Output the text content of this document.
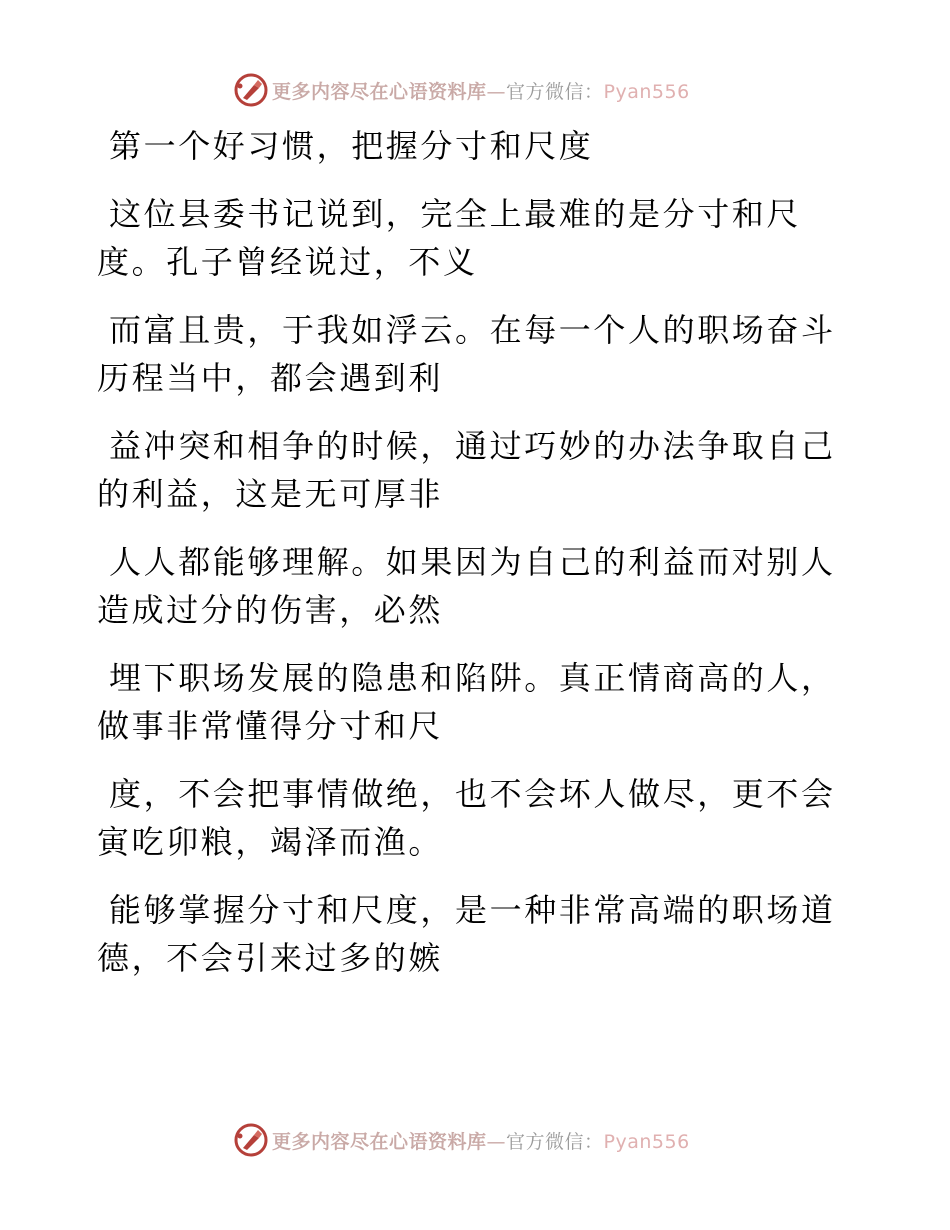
更多内容尽在心语资料库—官方微信：Pyan556

第一个好习惯，把握分寸和尺度

这位县委书记说到，完全上最难的是分寸和尺

度。孔子曾经说过，不义

而富且贵，于我如浮云。在每一个人的职场奋斗

历程当中，都会遇到利

益冲突和相争的时候，通过巧妙的办法争取自己

的利益，这是无可厚非

人人都能够理解。如果因为自己的利益而对别人

造成过分的伤害，必然

埋下职场发展的隐患和陷阱。真正情商高的人，

做事非常懂得分寸和尺

度，不会把事情做绝，也不会坏人做尽，更不会

寅吃卯粮，竭泽而渔。

能够掌握分寸和尺度，是一种非常高端的职场道

德，不会引来过多的嫉

更多内容尽在心语资料库—官方微信：Pyan556
